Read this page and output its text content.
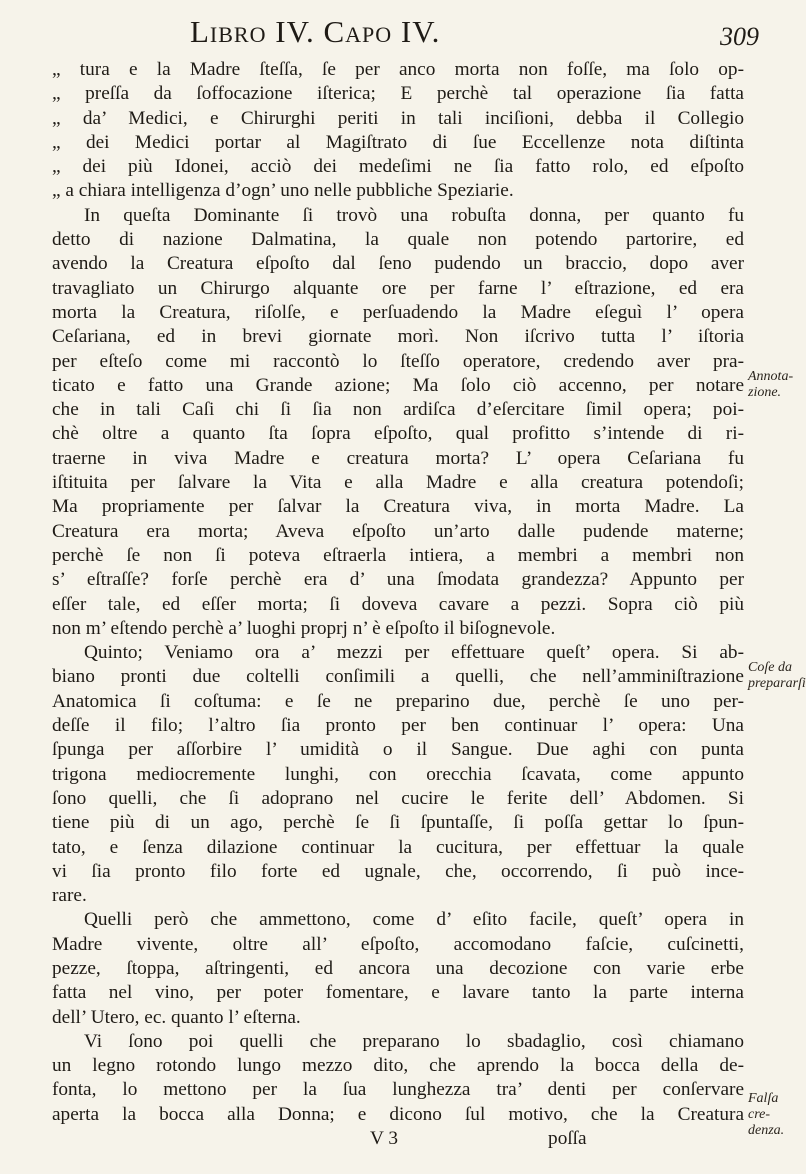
Libro IV. Capo IV.	309
„ tura e la Madre ſteſſa, ſe per anco morta non foſſe, ma ſolo op-
„ preſſa da ſoffocazione iſterica; E perchè tal operazione ſia fatta
„ da’ Medici, e Chirurghi periti in tali inciſioni, debba il Collegio
„ dei Medici portar al Magiſtrato di ſue Eccellenze nota diſtinta
„ dei più Idonei, acciò dei medeſimi ne ſia fatto rolo, ed eſpoſto
„ a chiara intelligenza d’ogn’ uno nelle pubbliche Speziarie.
In queſta Dominante ſi trovò una robuſta donna, per quanto fu
detto di nazione Dalmatina, la quale non potendo partorire, ed
avendo la Creatura eſpoſto dal ſeno pudendo un braccio, dopo aver
travagliato un Chirurgo alquante ore per farne l’ eſtrazione, ed era
morta la Creatura, riſolſe, e perſuadendo la Madre eſeguì l’ opera
Ceſariana, ed in brevi giornate morì. Non iſcrivo tutta l’ iſtoria
per eſteſo come mi raccontò lo ſteſſo operatore, credendo aver pra-
ticato e fatto una Grande azione; Ma ſolo ciò accenno, per notare
che in tali Caſi chi ſi ſia non ardiſca d’eſercitare ſimil opera; poi-
chè oltre a quanto ſta ſopra eſpoſto, qual profitto s’intende di ri-
traerne in viva Madre e creatura morta? L’ opera Ceſariana fu
iſtituita per ſalvare la Vita e alla Madre e alla creatura potendoſi;
Ma propriamente per ſalvar la Creatura viva, in morta Madre. La
Creatura era morta; Aveva eſpoſto un’arto dalle pudende materne;
perchè ſe non ſi poteva eſtraerla intiera, a membri a membri non
s’ eſtraſſe? forſe perchè era d’ una ſmodata grandezza? Appunto per
eſſer tale, ed eſſer morta; ſi doveva cavare a pezzi. Sopra ciò più
non m’ eſtendo perchè a’ luoghi proprj n’ è eſpoſto il biſognevole.
Quinto; Veniamo ora a’ mezzi per effettuare queſt’ opera. Si ab-
biano pronti due coltelli conſimili a quelli, che nell’amminiſtrazione
Anatomica ſi coſtuma: e ſe ne preparino due, perchè ſe uno per-
deſſe il filo; l’altro ſia pronto per ben continuar l’ opera: Una
ſpunga per aſſorbire l’ umidità o il Sangue. Due aghi con punta
trigona mediocremente lunghi, con orecchia ſcavata, come appunto
ſono quelli, che ſi adoprano nel cucire le ferite dell’ Abdomen. Si
tiene più di un ago, perchè ſe ſi ſpuntaſſe, ſi poſſa gettar lo ſpun-
tato, e ſenza dilazione continuar la cucitura, per effettuar la quale
vi ſia pronto filo forte ed ugnale, che, occorrendo, ſi può ince-
rare.
Quelli però che ammettono, come d’ eſito facile, queſt’ opera in
Madre vivente, oltre all’ eſpoſto, accomodano faſcie, cuſcinetti,
pezze, ſtoppa, aſtringenti, ed ancora una decozione con varie erbe
fatta nel vino, per poter fomentare, e lavare tanto la parte interna
dell’ Utero, ec. quanto l’ eſterna.
Vi ſono poi quelli che preparano lo sbadaglio, così chiamano
un legno rotondo lungo mezzo dito, che aprendo la bocca della de-
fonta, lo mettono per la ſua lunghezza tra’ denti per conſervare
aperta la bocca alla Donna; e dicono ſul motivo, che la Creatura
V 3	poſſa
Annota- zione.
Coſe da prepararſi
Falſa cre- denza.
